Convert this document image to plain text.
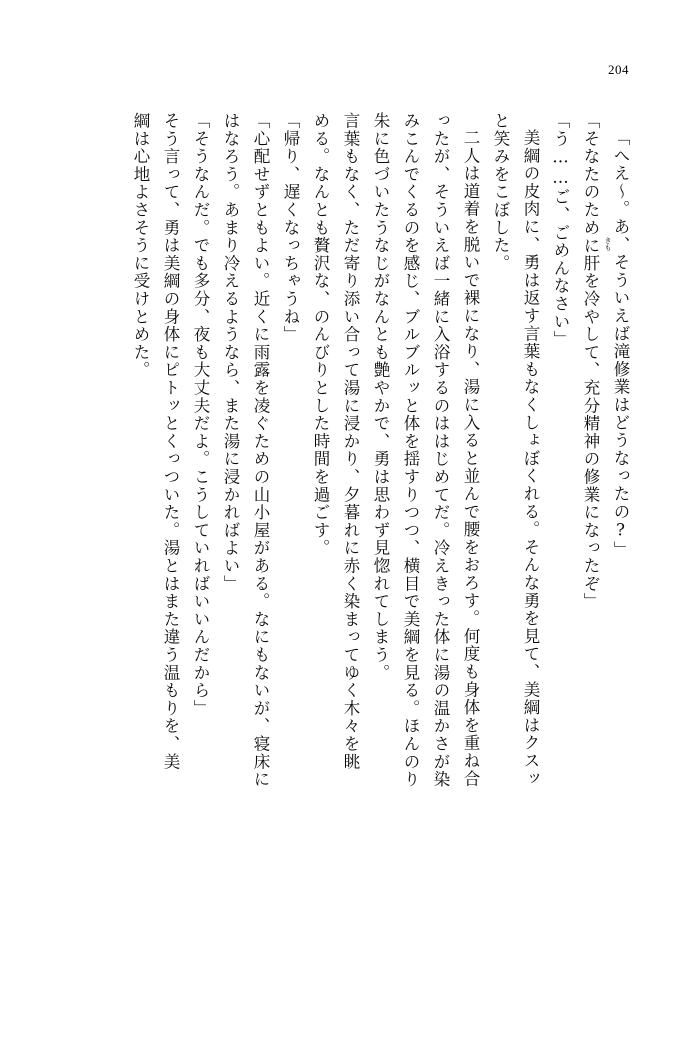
204
「へえ～。あ、そういえば滝修業はどうなったの?」
「そなたのために きも
肝を冷やして、充分精神の修業になったぞ」
「う……ご、ごめんなさい」
美綱の皮肉に、勇は返す言葉もなくしょぼくれる。そんな勇を見て、美綱はクスッ
と笑みをこぼした。
二人は道着を脱いで裸になり、湯に入ると並んで腰をおろす。何度も身体を重ね合
ったが、そういえば一緒に入浴するのははじめてだ。冷えきった体に湯の温かさが染
みこんでくるのを感じ、ブルブルッと体を揺すりつつ、横目で美綱を見る。ほんのり
朱に色づいたうなじがなんとも艶やかで、勇は思わず見惚れてしまう。
言葉もなく、ただ寄り添い合って湯に浸かり、夕暮れに赤く染まってゆく木々を眺
める。なんとも贅沢な、のんびりとした時間を過ごす。
「帰り、遅くなっちゃうね」
「心配せずともよい。近くに雨露を凌ぐための山小屋がある。なにもないが、寝床に
はなろう。あまり冷えるようなら、また湯に浸かればよい」
「そうなんだ。でも多分、夜も大丈夫だよ。こうしていればいいんだから」
そう言って、勇は美綱の身体にピトッとくっついた。湯とはまた違う温もりを、美
綱は心地よさそうに受けとめた。
